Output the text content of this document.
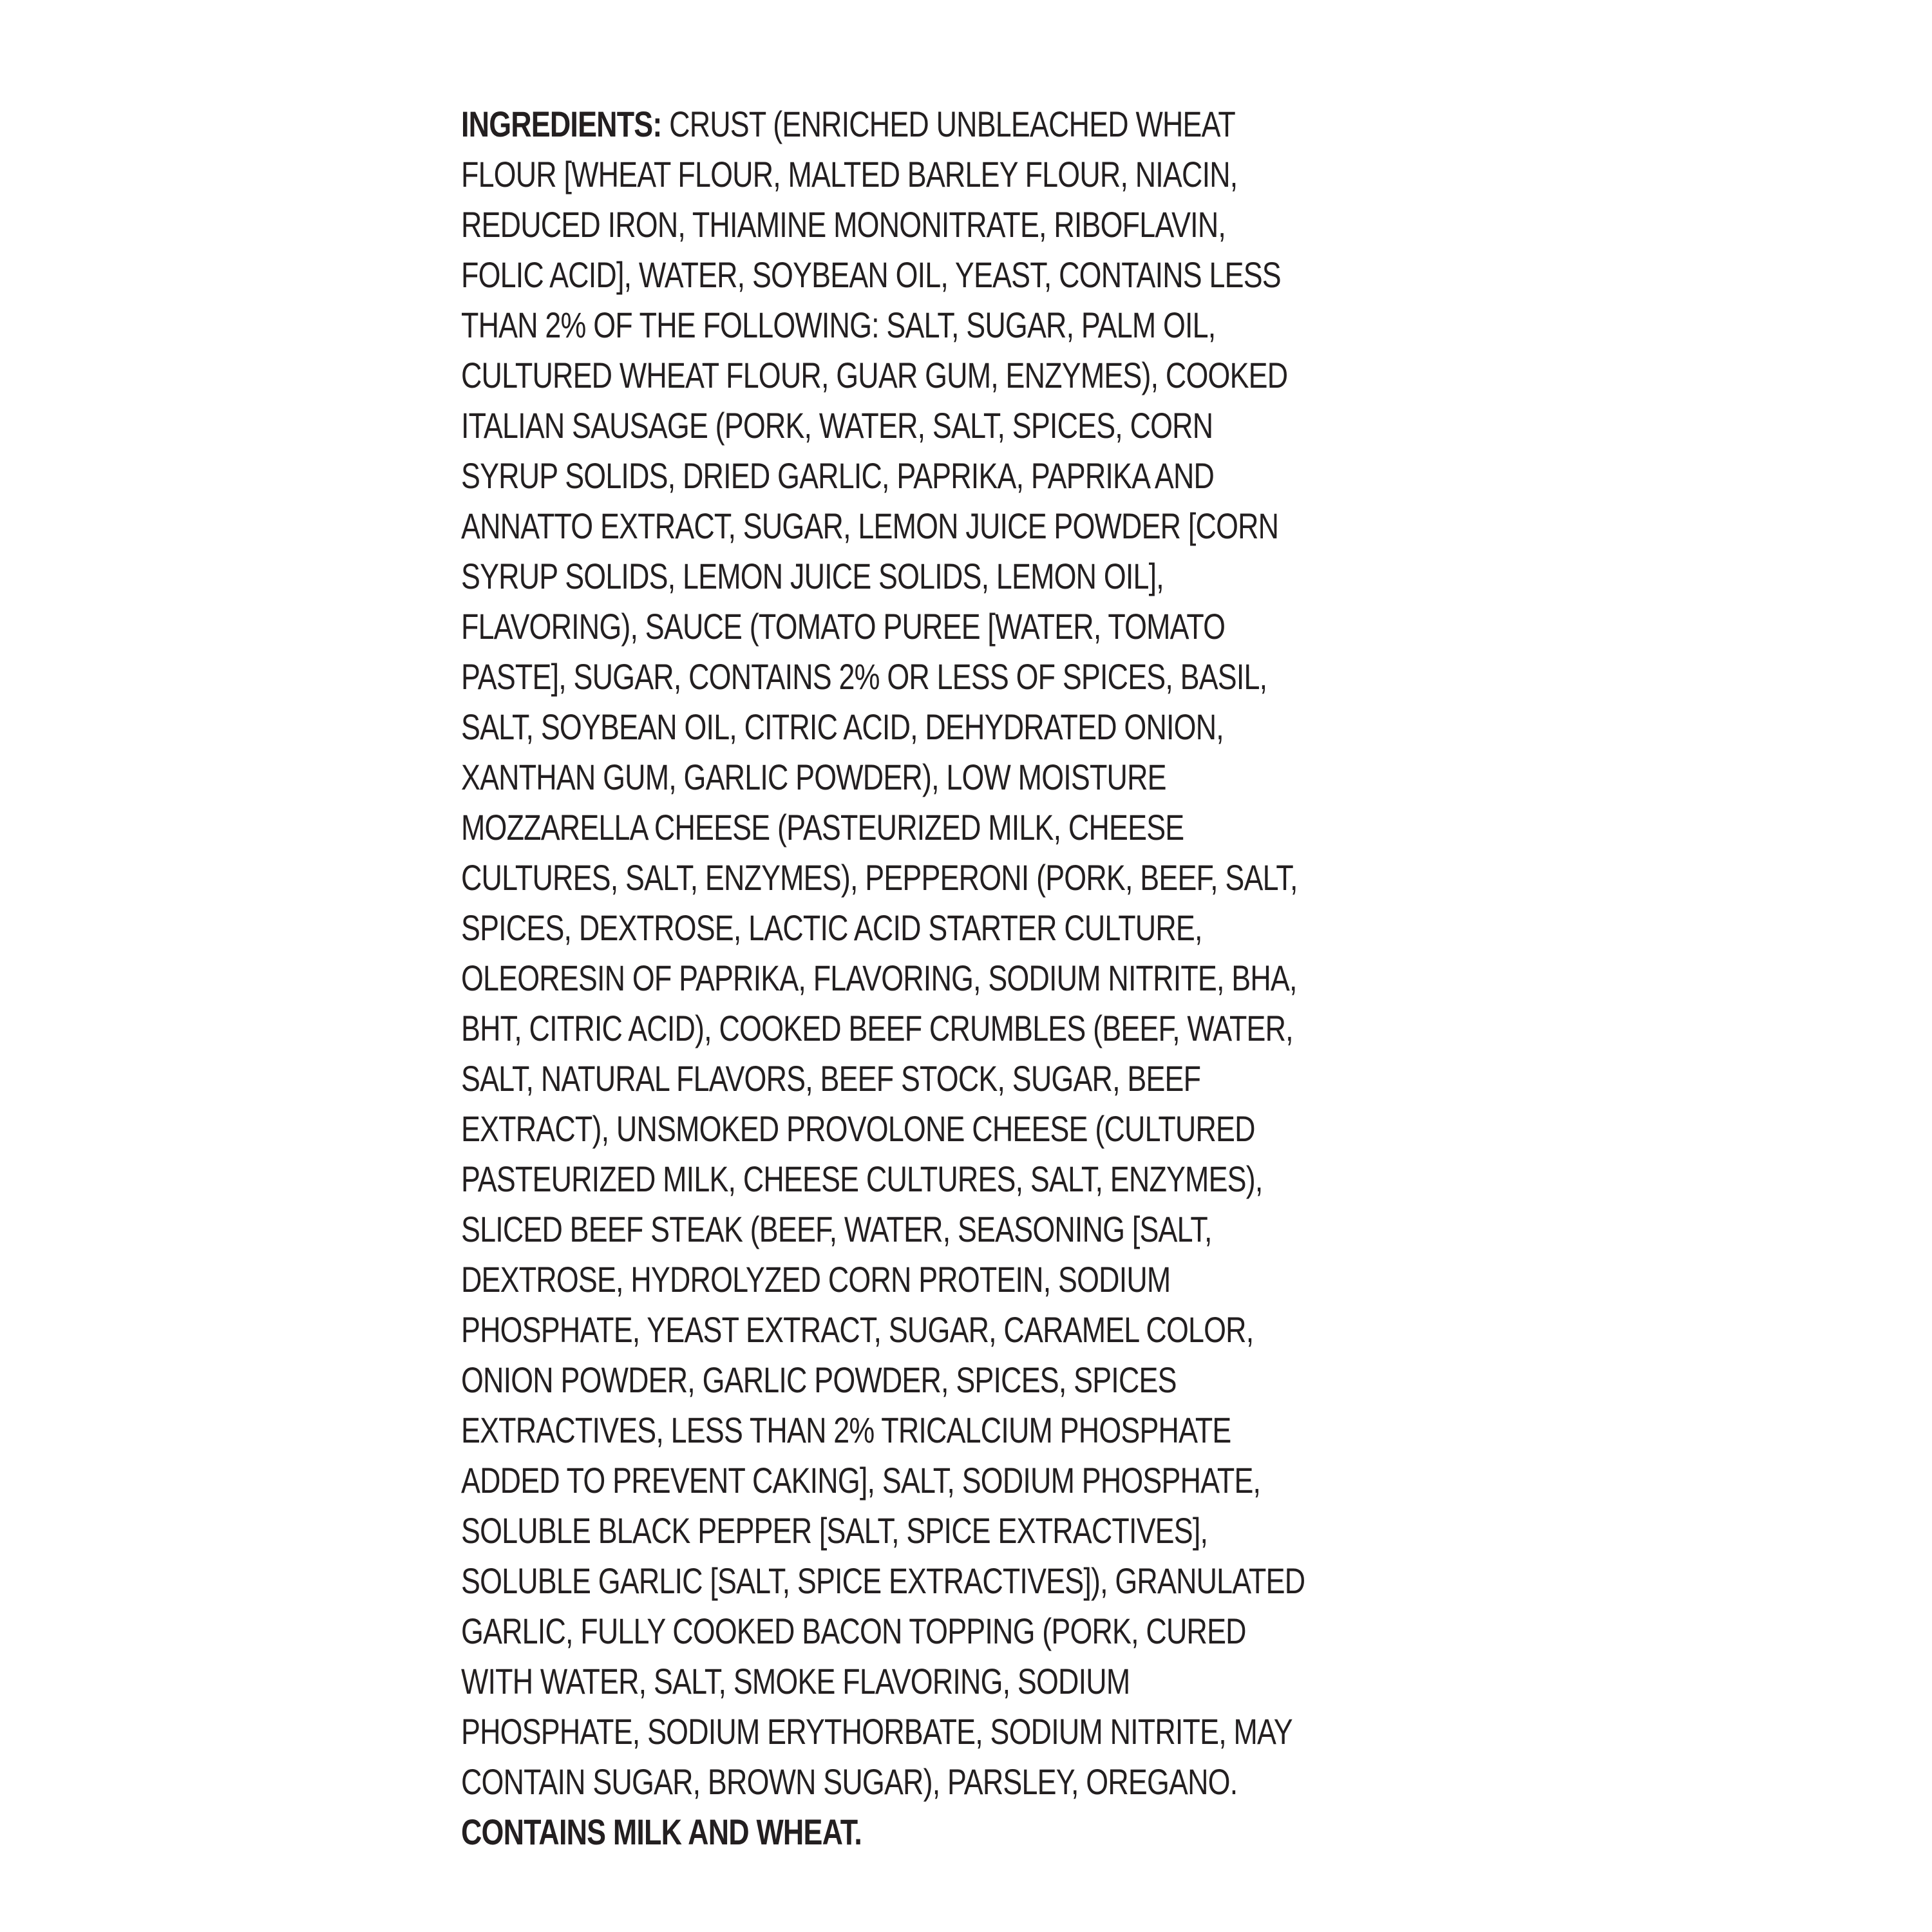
INGREDIENTS: CRUST (ENRICHED UNBLEACHED WHEAT
FLOUR [WHEAT FLOUR, MALTED BARLEY FLOUR, NIACIN,
REDUCED IRON, THIAMINE MONONITRATE, RIBOFLAVIN,
FOLIC ACID], WATER, SOYBEAN OIL, YEAST, CONTAINS LESS
THAN 2% OF THE FOLLOWING: SALT, SUGAR, PALM OIL,
CULTURED WHEAT FLOUR, GUAR GUM, ENZYMES), COOKED
ITALIAN SAUSAGE (PORK, WATER, SALT, SPICES, CORN
SYRUP SOLIDS, DRIED GARLIC, PAPRIKA, PAPRIKA AND
ANNATTO EXTRACT, SUGAR, LEMON JUICE POWDER [CORN
SYRUP SOLIDS, LEMON JUICE SOLIDS, LEMON OIL],
FLAVORING), SAUCE (TOMATO PUREE [WATER, TOMATO
PASTE], SUGAR, CONTAINS 2% OR LESS OF SPICES, BASIL,
SALT, SOYBEAN OIL, CITRIC ACID, DEHYDRATED ONION,
XANTHAN GUM, GARLIC POWDER), LOW MOISTURE
MOZZARELLA CHEESE (PASTEURIZED MILK, CHEESE
CULTURES, SALT, ENZYMES), PEPPERONI (PORK, BEEF, SALT,
SPICES, DEXTROSE, LACTIC ACID STARTER CULTURE,
OLEORESIN OF PAPRIKA, FLAVORING, SODIUM NITRITE, BHA,
BHT, CITRIC ACID), COOKED BEEF CRUMBLES (BEEF, WATER,
SALT, NATURAL FLAVORS, BEEF STOCK, SUGAR, BEEF
EXTRACT), UNSMOKED PROVOLONE CHEESE (CULTURED
PASTEURIZED MILK, CHEESE CULTURES, SALT, ENZYMES),
SLICED BEEF STEAK (BEEF, WATER, SEASONING [SALT,
DEXTROSE, HYDROLYZED CORN PROTEIN, SODIUM
PHOSPHATE, YEAST EXTRACT, SUGAR, CARAMEL COLOR,
ONION POWDER, GARLIC POWDER, SPICES, SPICES
EXTRACTIVES, LESS THAN 2% TRICALCIUM PHOSPHATE
ADDED TO PREVENT CAKING], SALT, SODIUM PHOSPHATE,
SOLUBLE BLACK PEPPER [SALT, SPICE EXTRACTIVES],
SOLUBLE GARLIC [SALT, SPICE EXTRACTIVES]), GRANULATED
GARLIC, FULLY COOKED BACON TOPPING (PORK, CURED
WITH WATER, SALT, SMOKE FLAVORING, SODIUM
PHOSPHATE, SODIUM ERYTHORBATE, SODIUM NITRITE, MAY
CONTAIN SUGAR, BROWN SUGAR), PARSLEY, OREGANO.
CONTAINS MILK AND WHEAT.
